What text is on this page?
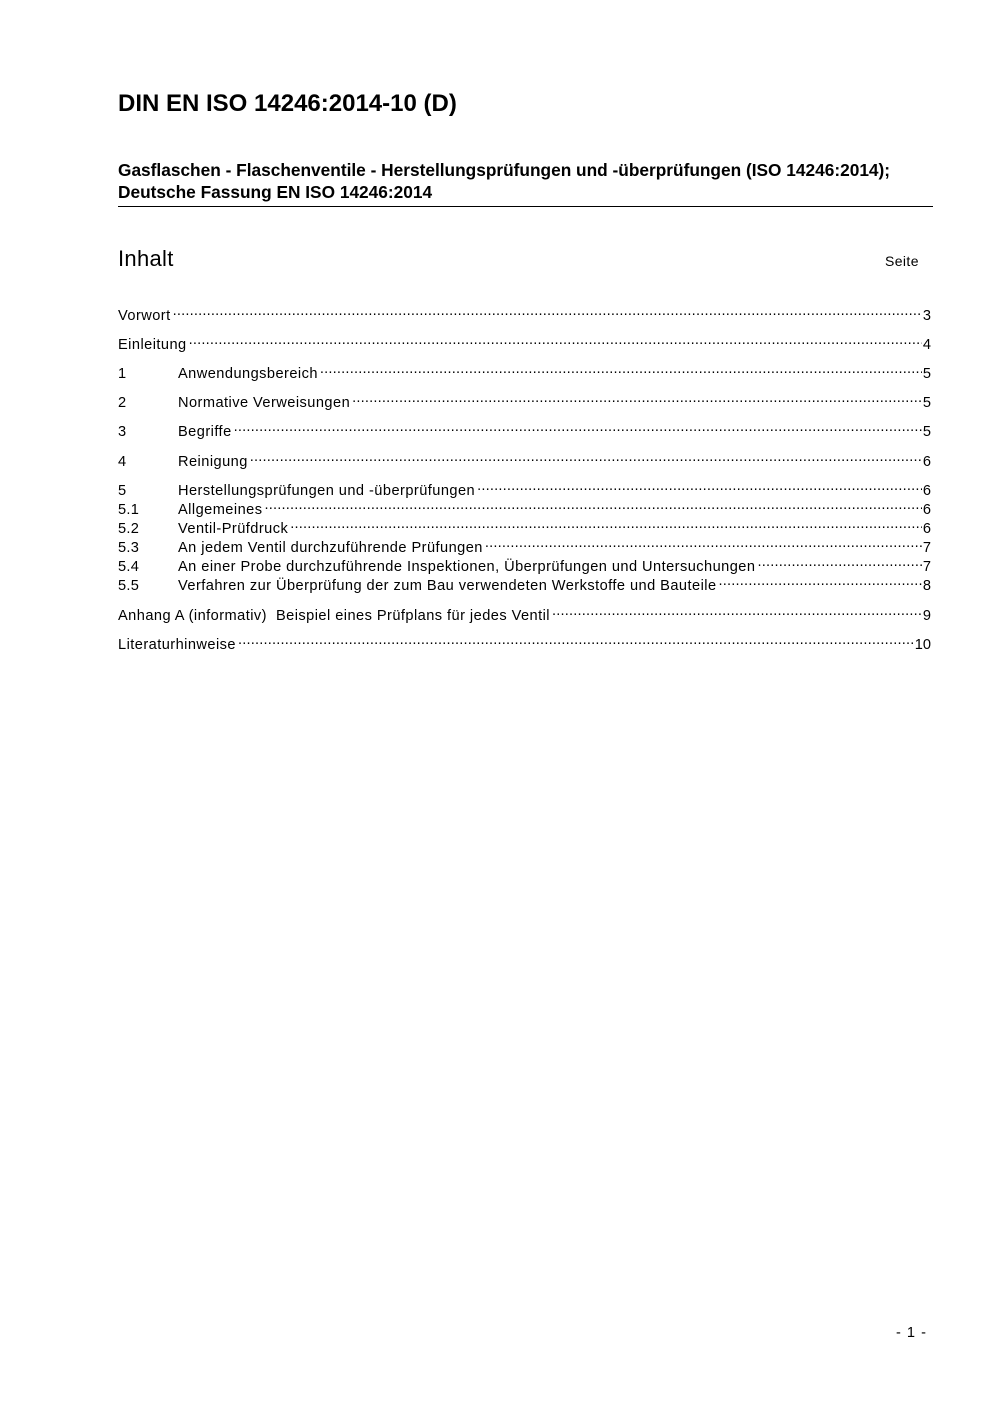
DIN EN ISO 14246:2014-10 (D)
Gasflaschen - Flaschenventile - Herstellungsprüfungen und -überprüfungen (ISO 14246:2014); Deutsche Fassung EN ISO 14246:2014
Inhalt	Seite
Vorwort .....	3
Einleitung .....	4
1	Anwendungsbereich .....	5
2	Normative Verweisungen .....	5
3	Begriffe .....	5
4	Reinigung .....	6
5	Herstellungsprüfungen und -überprüfungen .....	6
5.1	Allgemeines .....	6
5.2	Ventil-Prüfdruck .....	6
5.3	An jedem Ventil durchzuführende Prüfungen .....	7
5.4	An einer Probe durchzuführende Inspektionen, Überprüfungen und Untersuchungen .....	7
5.5	Verfahren zur Überprüfung der zum Bau verwendeten Werkstoffe und Bauteile .....	8
Anhang A (informativ)  Beispiel eines Prüfplans für jedes Ventil .....	9
Literaturhinweise .....	10
- 1 -
